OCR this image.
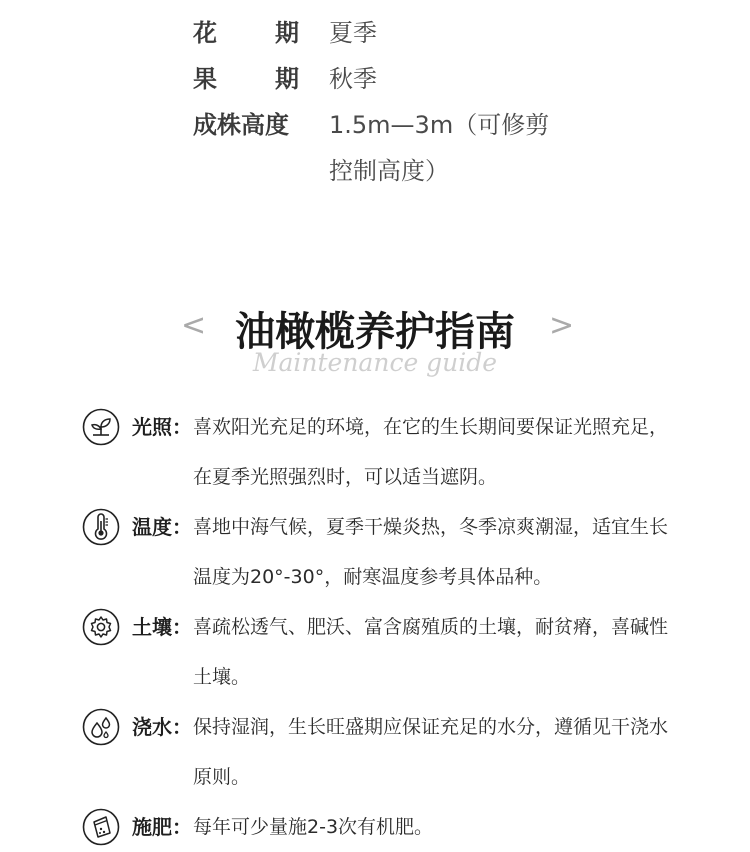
花 期 夏季
果 期 秋季
成株高度 1.5m—3m（可修剪控制高度）
< 油橄榄养护指南	>
Maintenance guide
光照： 喜欢阳光充足的环境，在它的生长期间要保证光照充足，在夏季光照强烈时，可以适当遮阴。
温度： 喜地中海气候，夏季干燥炎热，冬季凉爽潮湿，适宜生长温度为20°-30°，耐寒温度参考具体品种。
土壤： 喜疏松透气、肥沃、富含腐殖质的土壤，耐贫瘠，喜碱性土壤。
浇水： 保持湿润，生长旺盛期应保证充足的水分，遵循见干浇水原则。
施肥： 每年可少量施2-3次有机肥。
